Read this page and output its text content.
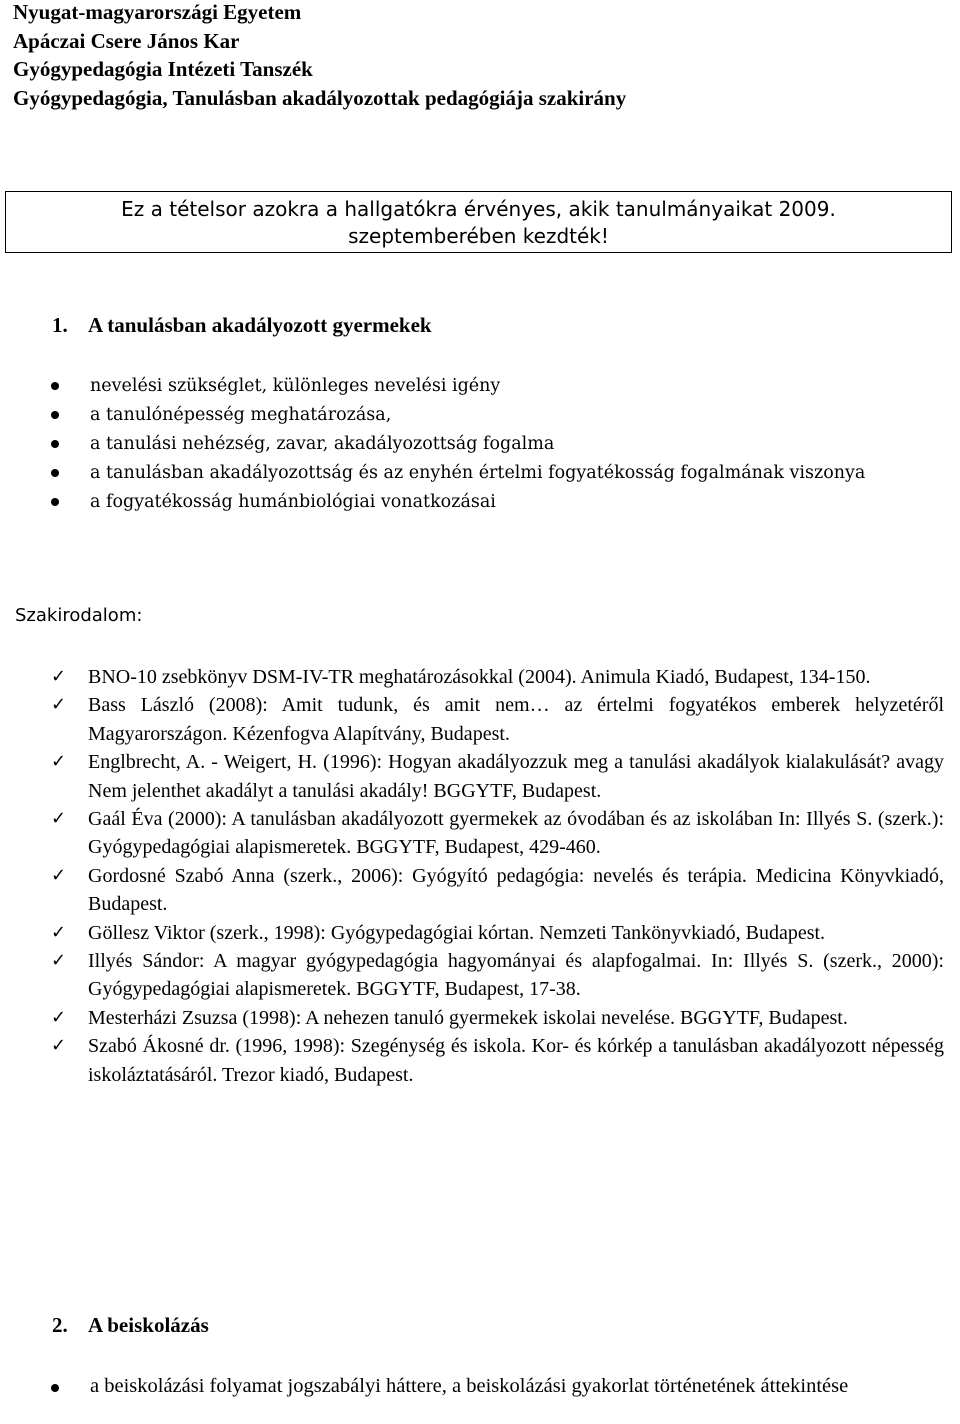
Nyugat-magyarországi Egyetem
Apáczai Csere János Kar
Gyógypedagógia Intézeti Tanszék
Gyógypedagógia, Tanulásban akadályozottak pedagógiája szakirány
Ez a tételsor azokra a hallgatókra érvényes, akik tanulmányaikat 2009. szeptemberében kezdték!
1. A tanulásban akadályozott gyermekek
nevelési szükséglet, különleges nevelési igény
a tanulónépesség meghatározása,
a tanulási nehézség, zavar, akadályozottság fogalma
a tanulásban akadályozottság és az enyhén értelmi fogyatékosság fogalmának viszonya
a fogyatékosság humánbiológiai vonatkozásai
Szakirodalom:
✓ BNO-10 zsebkönyv DSM-IV-TR meghatározásokkal (2004). Animula Kiadó, Budapest, 134-150.
✓ Bass László (2008): Amit tudunk, és amit nem… az értelmi fogyatékos emberek helyzetéről Magyarországon. Kézenfogva Alapítvány, Budapest.
✓ Englbrecht, A. - Weigert, H. (1996): Hogyan akadályozzuk meg a tanulási akadályok kialakulását? avagy Nem jelenthet akadályt a tanulási akadály! BGGYTF, Budapest.
✓ Gaál Éva (2000): A tanulásban akadályozott gyermekek az óvodában és az iskolában In: Illyés S. (szerk.): Gyógypedagógiai alapismeretek. BGGYTF, Budapest, 429-460.
✓ Gordosné Szabó Anna (szerk., 2006): Gyógyító pedagógia: nevelés és terápia. Medicina Könyvkiadó, Budapest.
✓ Göllesz Viktor (szerk., 1998): Gyógypedagógiai kórtan. Nemzeti Tankönyvkiadó, Budapest.
✓ Illyés Sándor: A magyar gyógypedagógia hagyományai és alapfogalmai. In: Illyés S. (szerk., 2000): Gyógypedagógiai alapismeretek. BGGYTF, Budapest, 17-38.
✓ Mesterházi Zsuzsa (1998): A nehezen tanuló gyermekek iskolai nevelése. BGGYTF, Budapest.
✓ Szabó Ákosné dr. (1996, 1998): Szegénység és iskola. Kor- és kórkép a tanulásban akadályozott népesség iskoláztatásáról. Trezor kiadó, Budapest.
2. A beiskolázás
a beiskolázási folyamat jogszabályi háttere, a beiskolázási gyakorlat történetének áttekintése
